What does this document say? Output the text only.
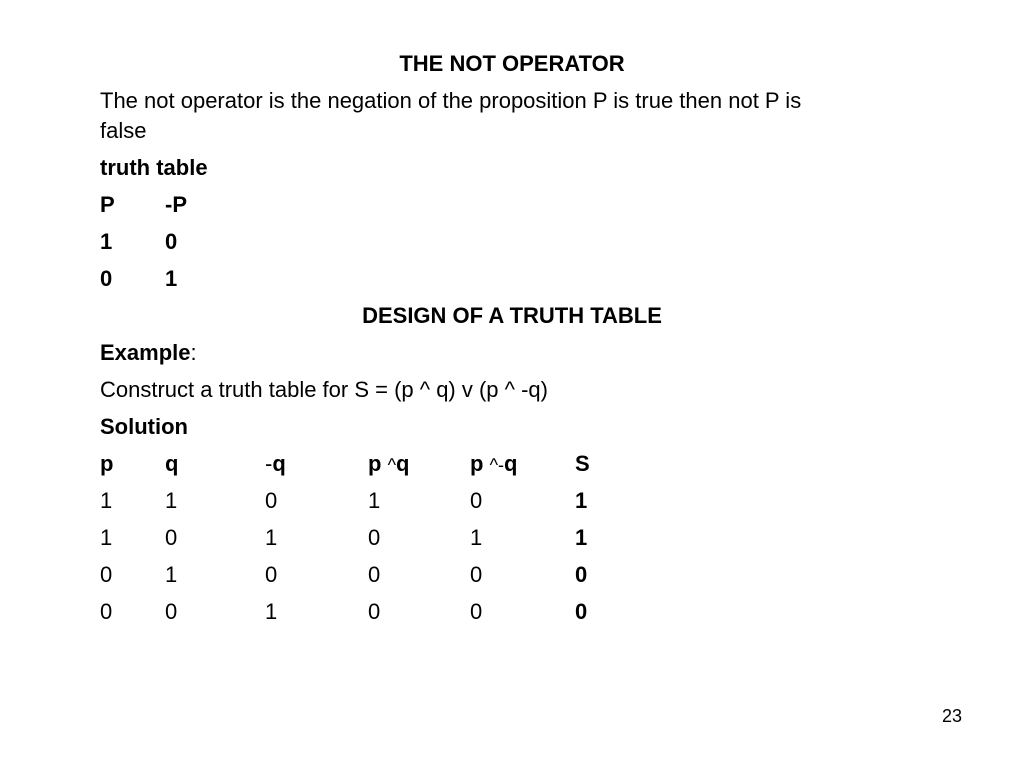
THE NOT OPERATOR
The not operator is the negation of the proposition P is true then not P is
false
truth table
P -P
1 0
0 1
DESIGN OF A TRUTH TABLE
Example:
Construct a truth table for S = (p ^ q) v (p ^ -q)
Solution
p q	-q	p ^q	p ^-q	S
1 1	0	1	0	1
1 0	1	0	1	1
0 1	0	0	0	0
0 0	1	0	0	0
23
